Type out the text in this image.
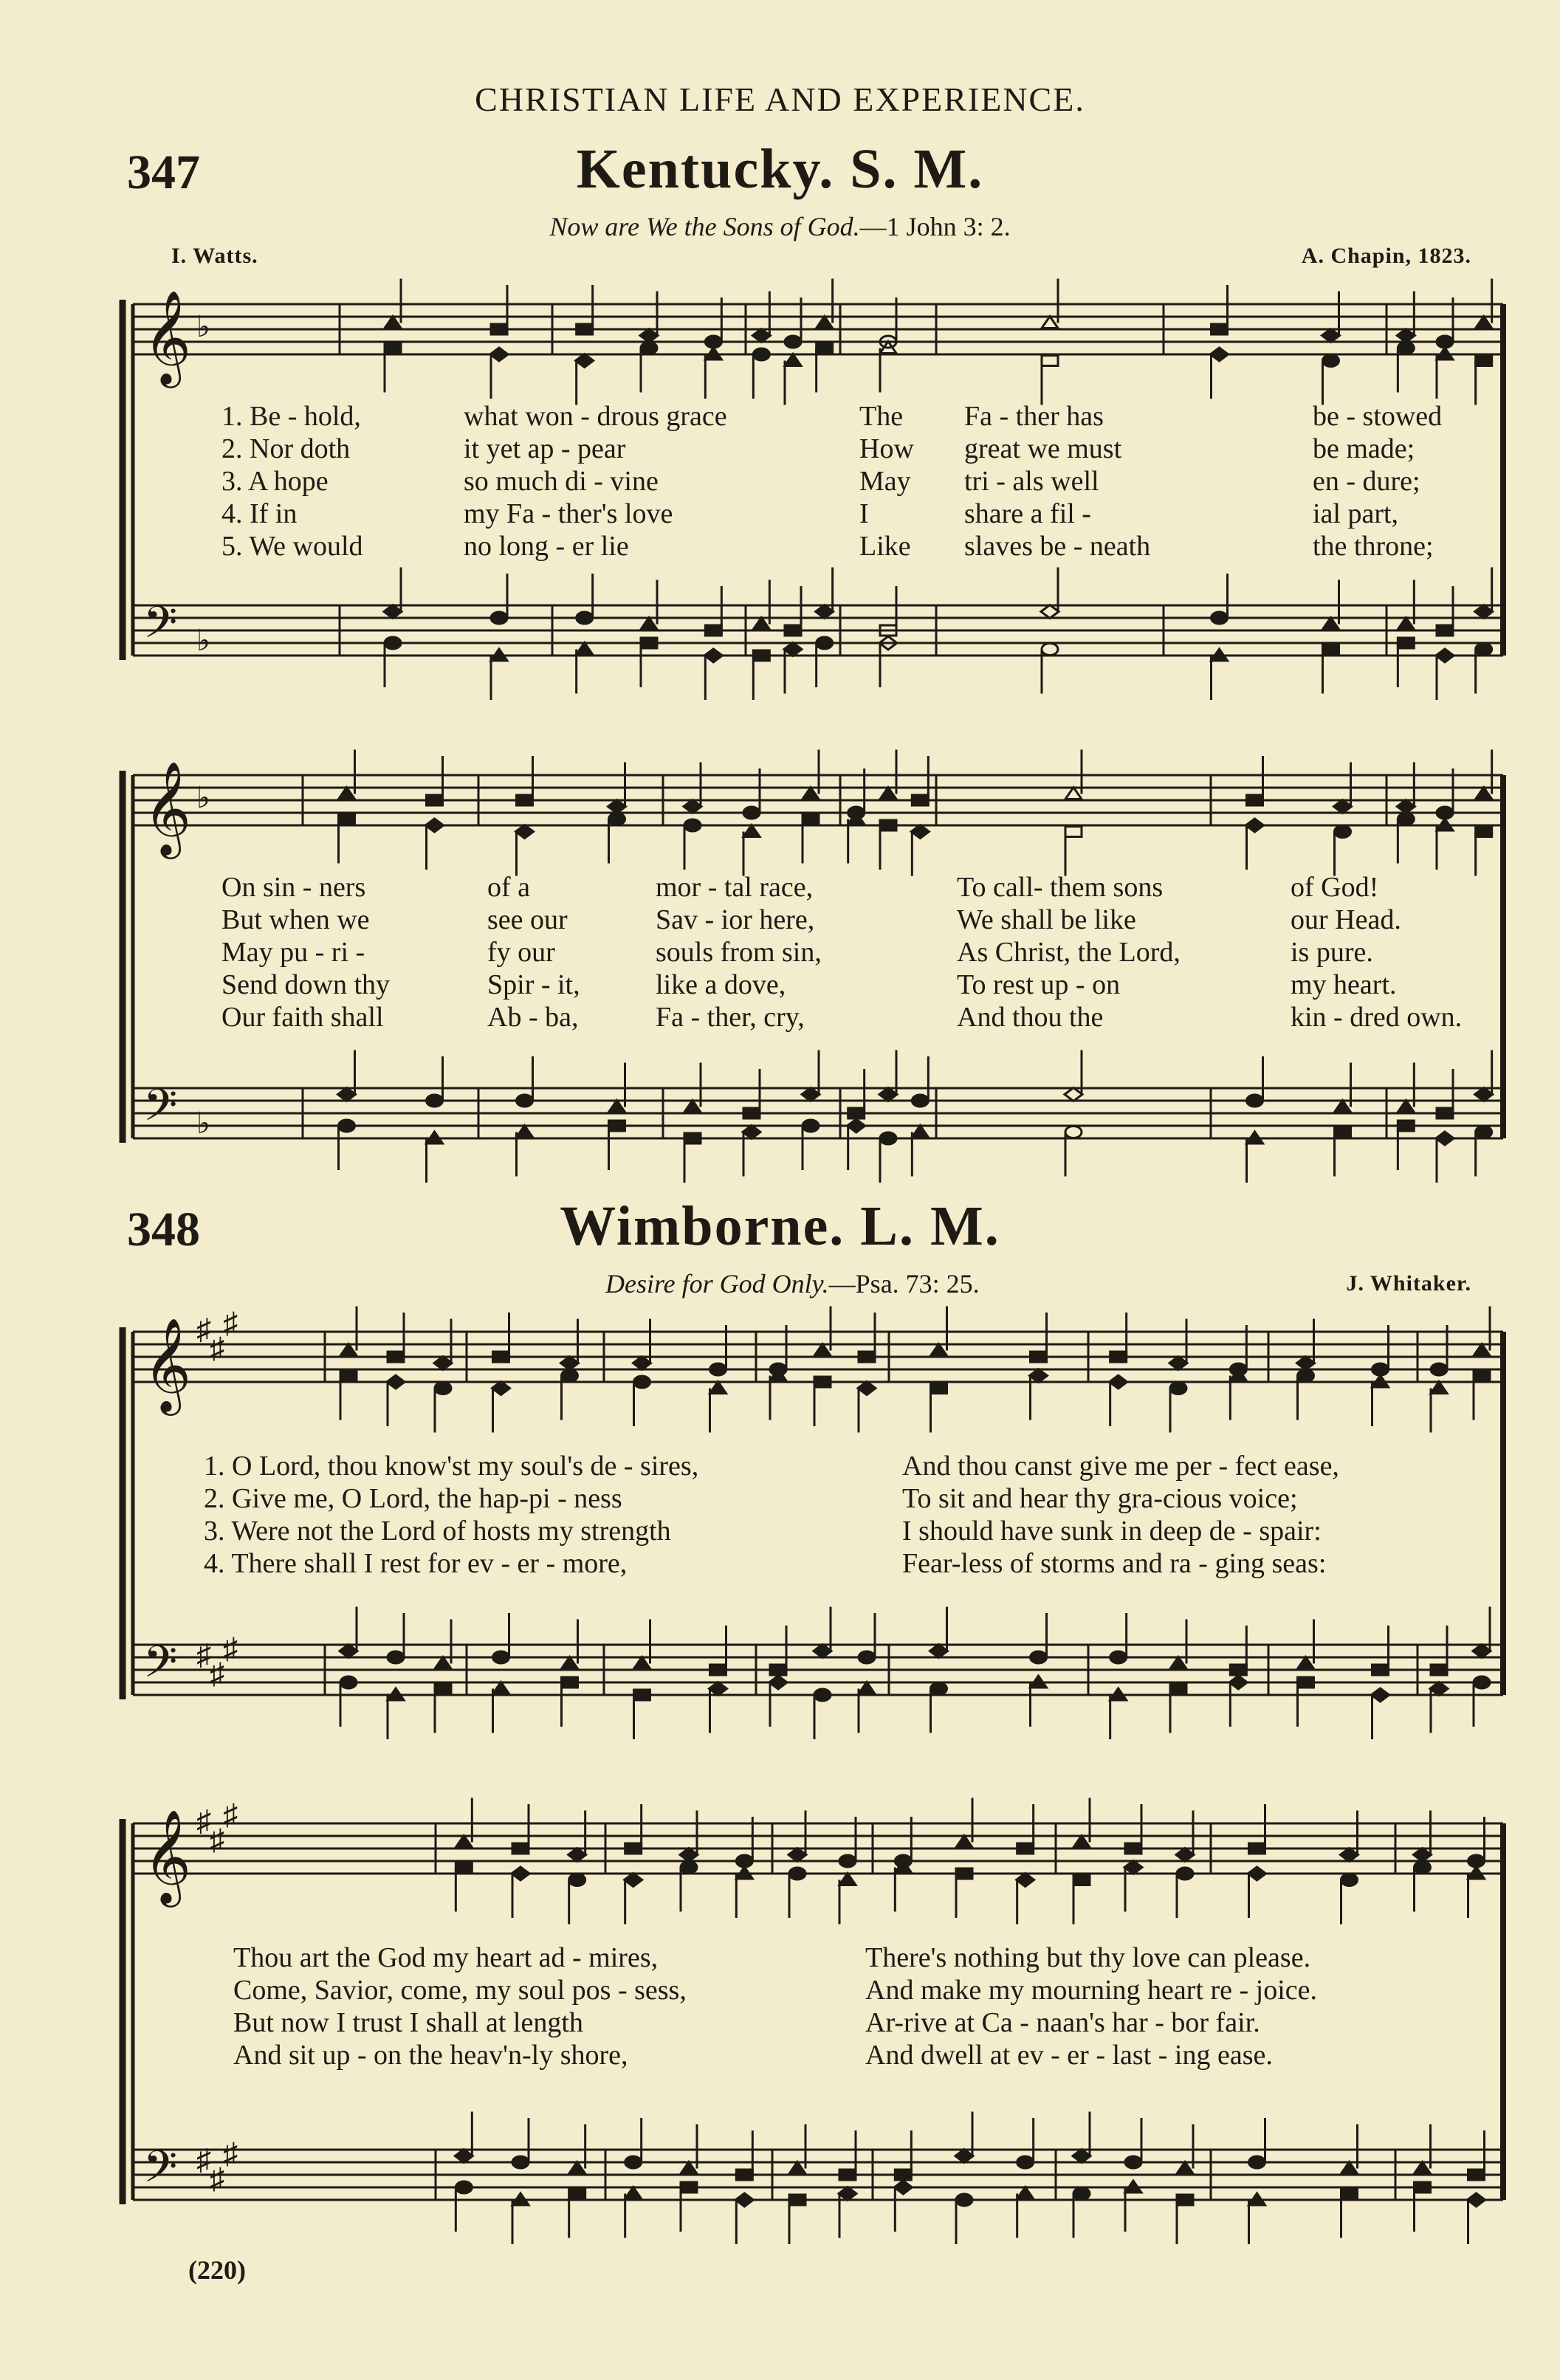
CHRISTIAN LIFE AND EXPERIENCE.
347	Kentucky. S. M.
Now are We the Sons of God.—1 John 3: 2.
I. Watts.	A. Chapin, 1823.
348	Wimborne. L. M.
Desire for God Only.—Psa. 73: 25.	J. Whitaker.
1. Be - hold,	what won - drous grace	The Fa - ther has	be - stowed
2. Nor doth	it yet ap - pear	How great we must	be made;
3. A hope	so much di - vine	May tri - als well	en - dure;
4. If in	my Fa - ther's love	I	share a fil -	ial part,
5. We would	no long - er lie	Like slaves be - neath	the throne;
On sin - ners	of a	mor - tal race,	To call- them sons	of God!
But when we	see our	Sav - ior here,	We shall be like	our Head.
May pu - ri -	fy our	souls from sin,	As Christ, the Lord,	is pure.
Send down thy	Spir - it,	like a dove,	To rest up - on	my heart.
Our faith shall	Ab - ba,	Fa - ther, cry,	And thou the	kin - dred own.
1. O Lord, thou know'st my soul's de - sires,	And thou canst give me per - fect ease,
2. Give me, O Lord, the hap-pi - ness	To sit and hear thy gra-cious voice;
3. Were not the Lord of hosts my strength	I should have sunk in deep de - spair:
4. There shall I rest for ev - er - more,	Fear-less of storms and ra - ging seas:
Thou art the God my heart ad - mires,	There's nothing but thy love can please.
Come, Savior, come, my soul pos - sess,	And make my mourning heart re - joice.
But now I trust I shall at length	Ar-rive at Ca - naan's har - bor fair.
And sit up - on the heav'n-ly shore,	And dwell at ev - er - last - ing ease.
𝄞
𝄢
♭
♭
𝄞
𝄢
♭
♭
𝄞
𝄢
♯
♯
♯
♯
♯
♯
𝄞
𝄢
♯
♯
♯
♯
♯
♯
(220)
